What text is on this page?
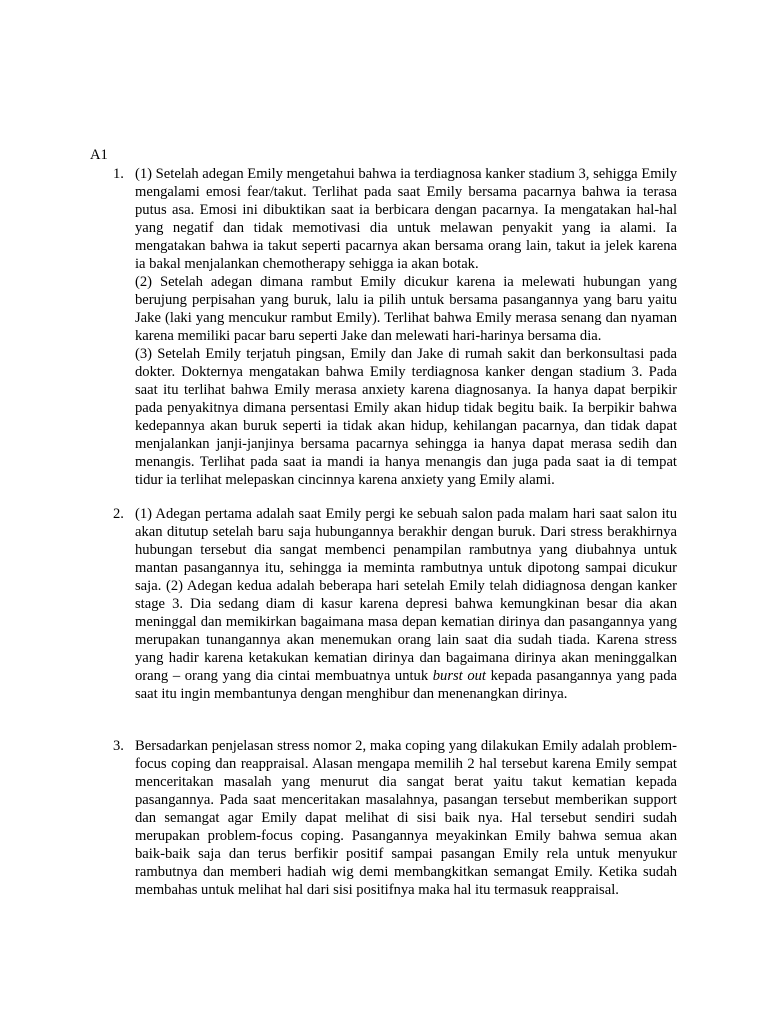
A1
1. (1) Setelah adegan Emily mengetahui bahwa ia terdiagnosa kanker stadium 3, sehigga Emily mengalami emosi fear/takut. Terlihat pada saat Emily bersama pacarnya bahwa ia terasa putus asa. Emosi ini dibuktikan saat ia berbicara dengan pacarnya. Ia mengatakan hal-hal yang negatif dan tidak memotivasi dia untuk melawan penyakit yang ia alami. Ia mengatakan bahwa ia takut seperti pacarnya akan bersama orang lain, takut ia jelek karena ia bakal menjalankan chemotherapy sehigga ia akan botak.

(2) Setelah adegan dimana rambut Emily dicukur karena ia melewati hubungan yang berujung perpisahan yang buruk, lalu ia pilih untuk bersama pasangannya yang baru yaitu Jake (laki yang mencukur rambut Emily). Terlihat bahwa Emily merasa senang dan nyaman karena memiliki pacar baru seperti Jake dan melewati hari-harinya bersama dia.

(3) Setelah Emily terjatuh pingsan, Emily dan Jake di rumah sakit dan berkonsultasi pada dokter. Dokternya mengatakan bahwa Emily terdiagnosa kanker dengan stadium 3. Pada saat itu terlihat bahwa Emily merasa anxiety karena diagnosanya. Ia hanya dapat berpikir pada penyakitnya dimana persentasi Emily akan hidup tidak begitu baik. Ia berpikir bahwa kedepannya akan buruk seperti ia tidak akan hidup, kehilangan pacarnya, dan tidak dapat menjalankan janji-janjinya bersama pacarnya sehingga ia hanya dapat merasa sedih dan menangis. Terlihat pada saat ia mandi ia hanya menangis dan juga pada saat ia di tempat tidur ia terlihat melepaskan cincinnya karena anxiety yang Emily alami.

2. (1) Adegan pertama adalah saat Emily pergi ke sebuah salon pada malam hari saat salon itu akan ditutup setelah baru saja hubungannya berakhir dengan buruk. Dari stress berakhirnya hubungan tersebut dia sangat membenci penampilan rambutnya yang diubahnya untuk mantan pasangannya itu, sehingga ia meminta rambutnya untuk dipotong sampai dicukur saja. (2) Adegan kedua adalah beberapa hari setelah Emily telah didiagnosa dengan kanker stage 3. Dia sedang diam di kasur karena depresi bahwa kemungkinan besar dia akan meninggal dan memikirkan bagaimana masa depan kematian dirinya dan pasangannya yang merupakan tunangannya akan menemukan orang lain saat dia sudah tiada. Karena stress yang hadir karena ketakukan kematian dirinya dan bagaimana dirinya akan meninggalkan orang – orang yang dia cintai membuatnya untuk burst out kepada pasangannya yang pada saat itu ingin membantunya dengan menghibur dan menenangkan dirinya.

3. Bersadarkan penjelasan stress nomor 2, maka coping yang dilakukan Emily adalah problem-focus coping dan reappraisal. Alasan mengapa memilih 2 hal tersebut karena Emily sempat menceritakan masalah yang menurut dia sangat berat yaitu takut kematian kepada pasangannya. Pada saat menceritakan masalahnya, pasangan tersebut memberikan support dan semangat agar Emily dapat melihat di sisi baik nya. Hal tersebut sendiri sudah merupakan problem-focus coping. Pasangannya meyakinkan Emily bahwa semua akan baik-baik saja dan terus berfikir positif sampai pasangan Emily rela untuk menyukur rambutnya dan memberi hadiah wig demi membangkitkan semangat Emily. Ketika sudah membahas untuk melihat hal dari sisi positifnya maka hal itu termasuk reappraisal.
